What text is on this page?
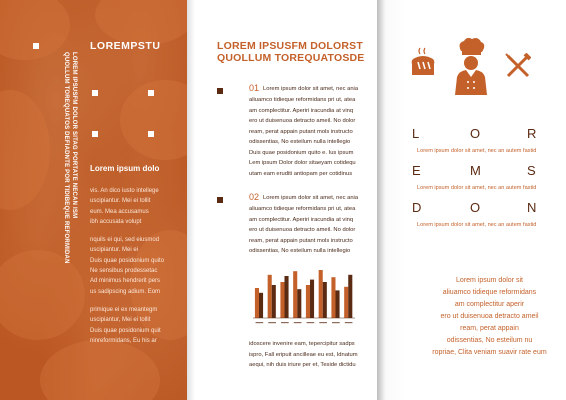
LOREMPSTU
LOREM IPSUSFM DOLOR SITAG PORTATE NECAN ISM
QUOLLUM TOREQUATOS DEFIADNTE POR TIDIBEQUE REFORMIDAN	Lorem ipsum dolo
vis. An dico iusto intellege
uscipiantur. Mei ei tollit
eum. Mea accusamus
ibh accusata volupt
nquils ei qui, sed eiusmod
uscipiantur. Mei ei
Duis quae posidonium quito
Ne sensibus prodessetac
Ad minimus hendrerit pers
us sadipscing adium. Eom
primique ei ex meantegm
uscipiantur, Mei ei tollit
Duis quae posidonium quit
ninreformidans, Eu his ar
LOREM IPSUSFM DOLORST
QUOLLUM TOREQUATOSDE
01 Lorem ipsum dolor sit amet, nec ania
aliuamco tidieque reformidans pri ut, atea
am complectitur. Aperiri iracundia at vinq
ero ut duisenuoa detracto ameil. No dolor
ream, perat appain putant mols instructo
odissentias, No esteilum nulla intellegio
Duis quae posidonium quito e. Ius ipsum
Lem ipsum Dolor dolor sitaeyam cotidequ
utam eam eruditi antiopam per cotidinus
02 Lorem ipsum dolor sit amet, nec ania
aliuamco tidieque reformidans pri ut, atea
am complectitur. Aperiri iracundia at vinq
ero ut duisenuoa detracto ameil. No dolor
ream, perat appain putant mols instructo
odissentias, No esteilum nulla intellegio
idoscere invenire eam, tepercipitur sadps
ispro, Fall eripuit ancilleae eu est, Idnatum
aequi, nih duis iriure per et, Teside dictidu
L	O	R
Lorem ipsum dolor sit amet, nec an autem fastid
E	M	S
Lorem ipsum dolor sit amet, nec an autem fastid
D	O	N
Lorem ipsum dolor sit amet, nec an autem fastid
Lorem ipsum dolor sit
aliuamco tidieque reformidans
am complectitur aperir
ero ut duisenuoa detracto ameil
ream, perat appain
odissentias, No esteilum nu
ropriae, Clita veniam suavir rate eum
